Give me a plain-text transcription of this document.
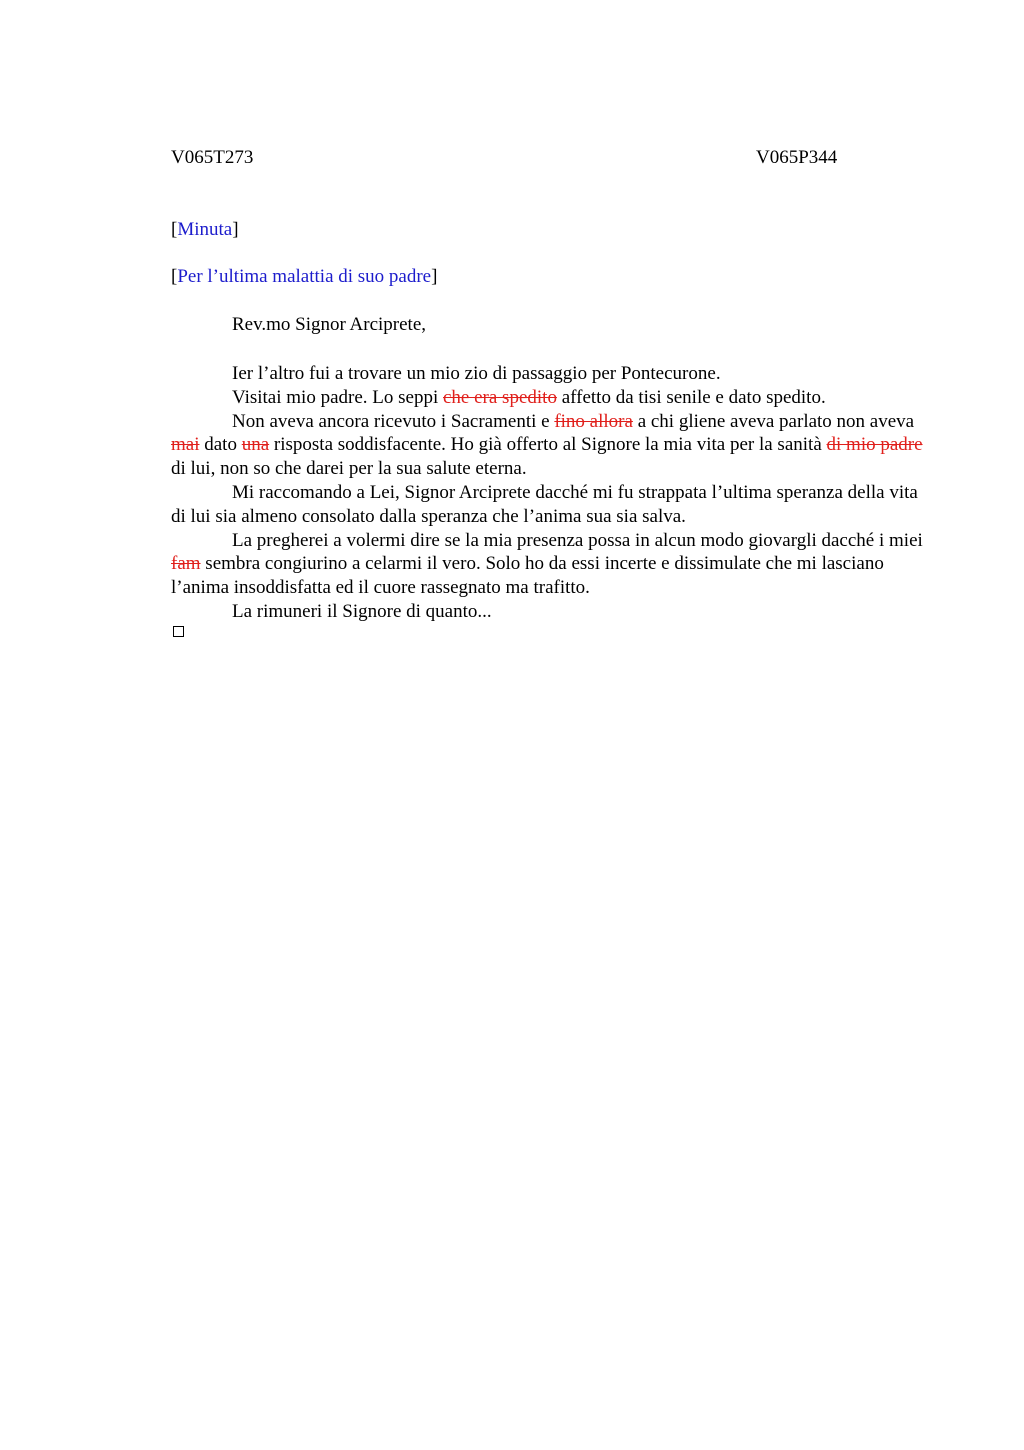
V065T273	V065P344
[Minuta]
[Per l’ultima malattia di suo padre]
Rev.mo Signor Arciprete,

Ier l’altro fui a trovare un mio zio di passaggio per Pontecurone.

Visitai mio padre. Lo seppi che era spedito affetto da tisi senile e dato spedito.

Non aveva ancora ricevuto i Sacramenti e fino allora a chi gliene aveva parlato non aveva mai dato una risposta soddisfacente. Ho già offerto al Signore la mia vita per la sanità di mio padre di lui, non so che darei per la sua salute eterna.

Mi raccomando a Lei, Signor Arciprete dacché mi fu strappata l’ultima speranza della vita di lui sia almeno consolato dalla speranza che l’anima sua sia salva.

La pregherei a volermi dire se la mia presenza possa in alcun modo giovargli dacché i miei fam sembra congiurino a celarmi il vero. Solo ho da essi incerte e dissimulate che mi lasciano l’anima insoddisfatta ed il cuore rassegnato ma trafitto.

La rimuneri il Signore di quanto...
